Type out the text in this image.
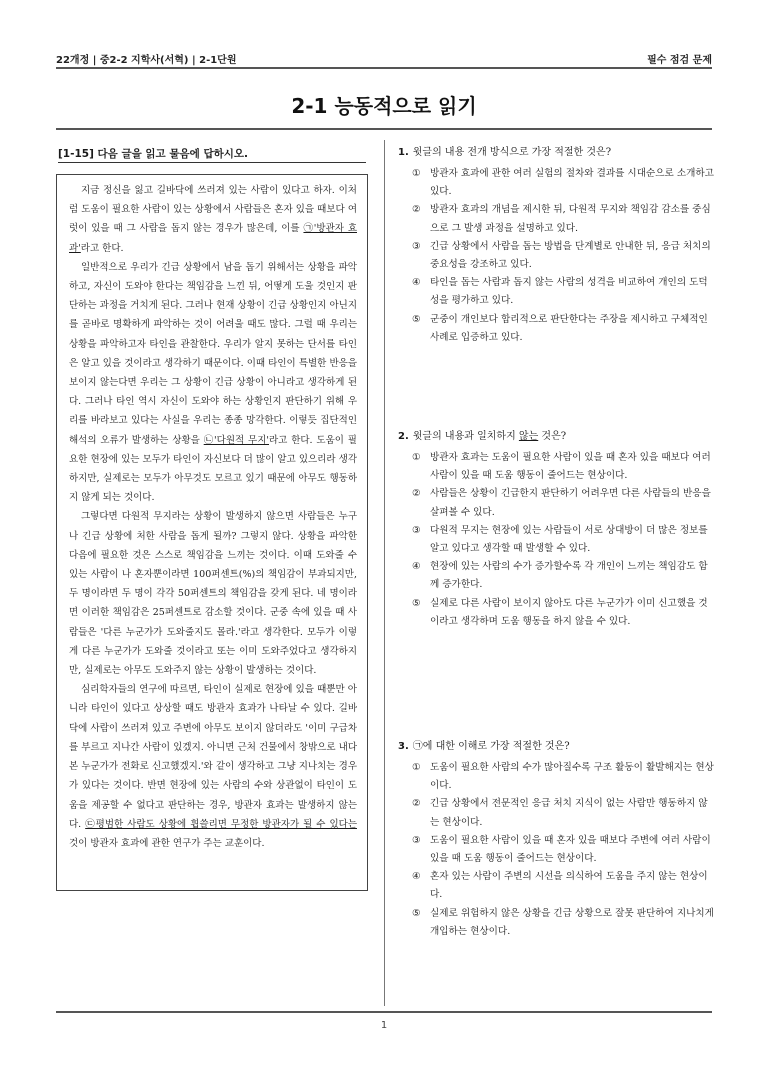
22개정 | 중2-2 지학사(서혁) | 2-1단원	필수 점검 문제
2-1 능동적으로 읽기
[1-15] 다음 글을 읽고 물음에 답하시오.

지금 정신을 잃고 길바닥에 쓰러져 있는 사람이 있다고 하자. 이처럼 도움이 필요한 사람이 있는 상황에서 사람들은 혼자 있을 때보다 여럿이 있을 때 그 사람을 돕지 않는 경우가 많은데, 이를 ㉠'방관자 효과'라고 한다.

일반적으로 우리가 긴급 상황에서 남을 돕기 위해서는 상황을 파악하고, 자신이 도와야 한다는 책임감을 느낀 뒤, 어떻게 도울 것인지 판단하는 과정을 거치게 된다. 그러나 현재 상황이 긴급 상황인지 아닌지를 곧바로 명확하게 파악하는 것이 어려울 때도 많다. 그럴 때 우리는 상황을 파악하고자 타인을 관찰한다. 우리가 알지 못하는 단서를 타인은 알고 있을 것이라고 생각하기 때문이다. 이때 타인이 특별한 반응을 보이지 않는다면 우리는 그 상황이 긴급 상황이 아니라고 생각하게 된다. 그러나 타인 역시 자신이 도와야 하는 상황인지 판단하기 위해 우리를 바라보고 있다는 사실을 우리는 종종 망각한다. 이렇듯 집단적인 해석의 오류가 발생하는 상황을 ㉡'다원적 무지'라고 한다. 도움이 필요한 현장에 있는 모두가 타인이 자신보다 더 많이 알고 있으리라 생각하지만, 실제로는 모두가 아무것도 모르고 있기 때문에 아무도 행동하지 않게 되는 것이다.

그렇다면 다원적 무지라는 상황이 발생하지 않으면 사람들은 누구나 긴급 상황에 처한 사람을 돕게 될까? 그렇지 않다. 상황을 파악한 다음에 필요한 것은 스스로 책임감을 느끼는 것이다. 이때 도와줄 수 있는 사람이 나 혼자뿐이라면 100퍼센트(%)의 책임감이 부과되지만, 두 명이라면 두 명이 각각 50퍼센트의 책임감을 갖게 된다. 네 명이라면 이러한 책임감은 25퍼센트로 감소할 것이다. 군중 속에 있을 때 사람들은 '다른 누군가가 도와줄지도 몰라.'라고 생각한다. 모두가 이렇게 다른 누군가가 도와줄 것이라고 또는 이미 도와주었다고 생각하지만, 실제로는 아무도 도와주지 않는 상황이 발생하는 것이다.

심리학자들의 연구에 따르면, 타인이 실제로 현장에 있을 때뿐만 아니라 타인이 있다고 상상할 때도 방관자 효과가 나타날 수 있다. 길바닥에 사람이 쓰러져 있고 주변에 아무도 보이지 않더라도 '이미 구급차를 부르고 지나간 사람이 있겠지. 아니면 근처 건물에서 창밖으로 내다본 누군가가 전화로 신고했겠지.'와 같이 생각하고 그냥 지나치는 경우가 있다는 것이다. 반면 현장에 있는 사람의 수와 상관없이 타인이 도움을 제공할 수 없다고 판단하는 경우, 방관자 효과는 발생하지 않는다. ㉢평범한 사람도 상황에 휩쓸리면 무정한 방관자가 될 수 있다는 것이 방관자 효과에 관한 연구가 주는 교훈이다.

1. 윗글의 내용 전개 방식으로 가장 적절한 것은?

① 방관자 효과에 관한 여러 실험의 절차와 결과를 시대순으로 소개하고 있다.

② 방관자 효과의 개념을 제시한 뒤, 다원적 무지와 책임감 감소를 중심으로 그 발생 과정을 설명하고 있다.

③ 긴급 상황에서 사람을 돕는 방법을 단계별로 안내한 뒤, 응급 처치의 중요성을 강조하고 있다.

④ 타인을 돕는 사람과 돕지 않는 사람의 성격을 비교하여 개인의 도덕성을 평가하고 있다.

⑤ 군중이 개인보다 합리적으로 판단한다는 주장을 제시하고 구체적인 사례로 입증하고 있다.

2. 윗글의 내용과 일치하지 않는 것은?

① 방관자 효과는 도움이 필요한 사람이 있을 때 혼자 있을 때보다 여러 사람이 있을 때 도움 행동이 줄어드는 현상이다.

② 사람들은 상황이 긴급한지 판단하기 어려우면 다른 사람들의 반응을 살펴볼 수 있다.

③ 다원적 무지는 현장에 있는 사람들이 서로 상대방이 더 많은 정보를 알고 있다고 생각할 때 발생할 수 있다.

④ 현장에 있는 사람의 수가 증가할수록 각 개인이 느끼는 책임감도 함께 증가한다.

⑤ 실제로 다른 사람이 보이지 않아도 다른 누군가가 이미 신고했을 것이라고 생각하며 도움 행동을 하지 않을 수 있다.

3. ㉠에 대한 이해로 가장 적절한 것은?

① 도움이 필요한 사람의 수가 많아질수록 구조 활동이 활발해지는 현상이다.

② 긴급 상황에서 전문적인 응급 처치 지식이 없는 사람만 행동하지 않는 현상이다.

③ 도움이 필요한 사람이 있을 때 혼자 있을 때보다 주변에 여러 사람이 있을 때 도움 행동이 줄어드는 현상이다.

④ 혼자 있는 사람이 주변의 시선을 의식하여 도움을 주지 않는 현상이다.

⑤ 실제로 위험하지 않은 상황을 긴급 상황으로 잘못 판단하여 지나치게 개입하는 현상이다.

1
